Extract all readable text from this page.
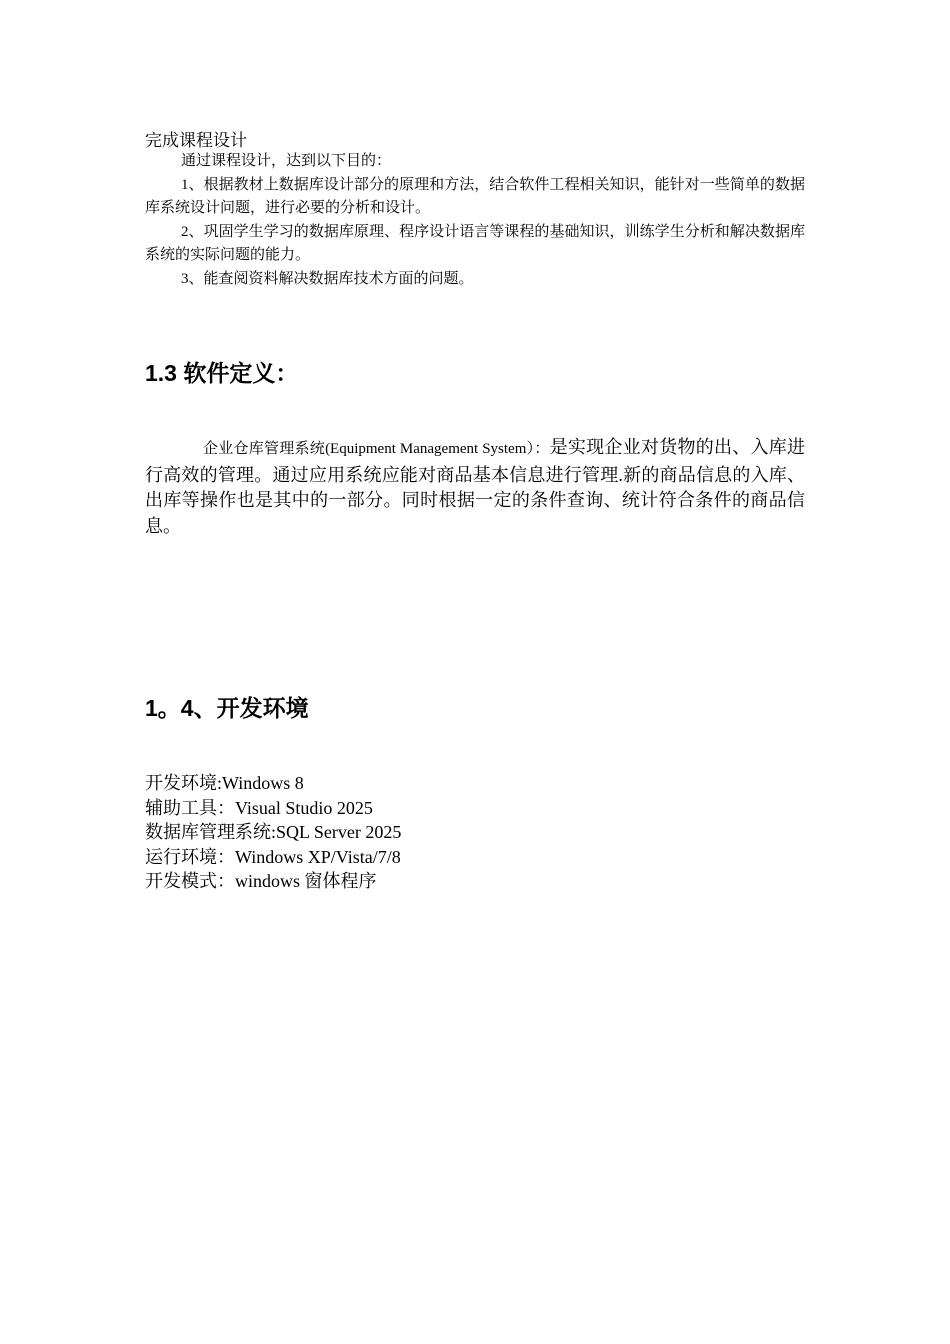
完成课程设计

通过课程设计，达到以下目的：

1、根据教材上数据库设计部分的原理和方法，结合软件工程相关知识，能针对一些简单的数据库系统设计问题，进行必要的分析和设计。

2、巩固学生学习的数据库原理、程序设计语言等课程的基础知识，训练学生分析和解决数据库系统的实际问题的能力。

3、能查阅资料解决数据库技术方面的问题。

1.3 软件定义：

企业仓库管理系统(Equipment Management System）：是实现企业对货物的出、入库进行高效的管理。通过应用系统应能对商品基本信息进行管理.新的商品信息的入库、出库等操作也是其中的一部分。同时根据一定的条件查询、统计符合条件的商品信息。

1。4、开发环境
开发环境:Windows 8
辅助工具：Visual Studio 2025
数据库管理系统:SQL Server 2025
运行环境：Windows XP/Vista/7/8
开发模式：windows 窗体程序
